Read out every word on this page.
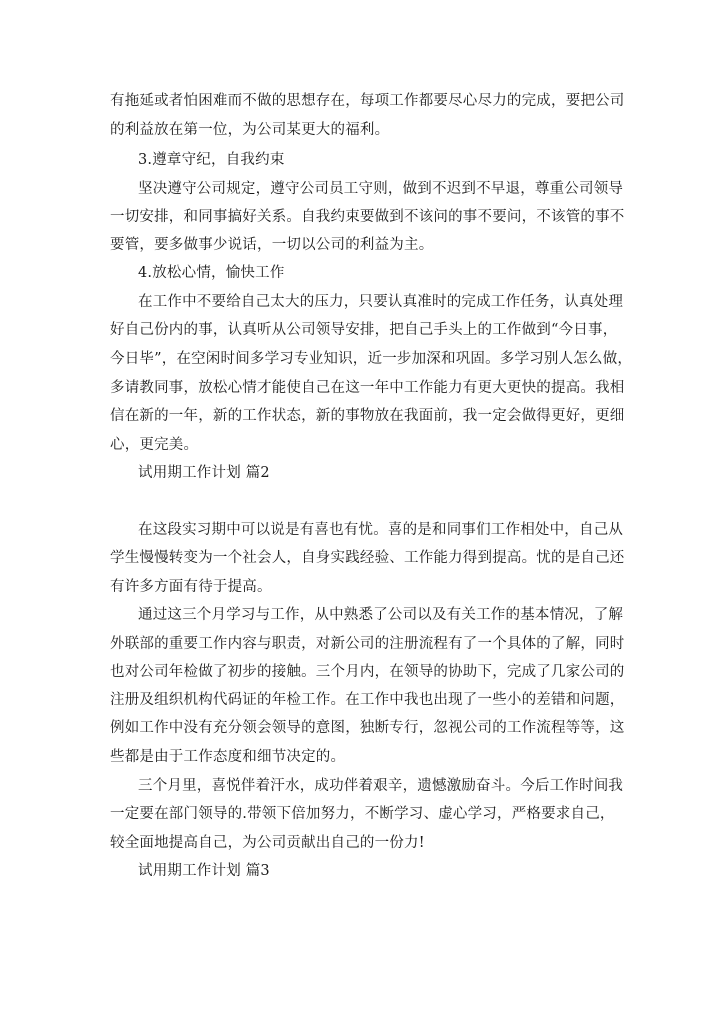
有拖延或者怕困难而不做的思想存在，每项工作都要尽心尽力的完成，要把公司
的利益放在第一位，为公司某更大的福利。
3.遵章守纪，自我约束
坚决遵守公司规定，遵守公司员工守则，做到不迟到不早退，尊重公司领导
一切安排，和同事搞好关系。自我约束要做到不该问的事不要问，不该管的事不
要管，要多做事少说话，一切以公司的利益为主。
4.放松心情，愉快工作
在工作中不要给自己太大的压力，只要认真准时的完成工作任务，认真处理
好自己份内的事，认真听从公司领导安排，把自己手头上的工作做到“今日事，
今日毕”，在空闲时间多学习专业知识，近一步加深和巩固。多学习别人怎么做，
多请教同事，放松心情才能使自己在这一年中工作能力有更大更快的提高。我相
信在新的一年，新的工作状态，新的事物放在我面前，我一定会做得更好，更细
心，更完美。
试用期工作计划 篇2
在这段实习期中可以说是有喜也有忧。喜的是和同事们工作相处中，自己从
学生慢慢转变为一个社会人，自身实践经验、工作能力得到提高。忧的是自己还
有许多方面有待于提高。
通过这三个月学习与工作，从中熟悉了公司以及有关工作的基本情况，了解
外联部的重要工作内容与职责，对新公司的注册流程有了一个具体的了解，同时
也对公司年检做了初步的接触。三个月内，在领导的协助下，完成了几家公司的
注册及组织机构代码证的年检工作。在工作中我也出现了一些小的差错和问题，
例如工作中没有充分领会领导的意图，独断专行，忽视公司的工作流程等等，这
些都是由于工作态度和细节决定的。
三个月里，喜悦伴着汗水，成功伴着艰辛，遗憾激励奋斗。今后工作时间我
一定要在部门领导的.带领下倍加努力，不断学习、虚心学习，严格要求自己，
较全面地提高自己，为公司贡献出自己的一份力!
试用期工作计划 篇3
